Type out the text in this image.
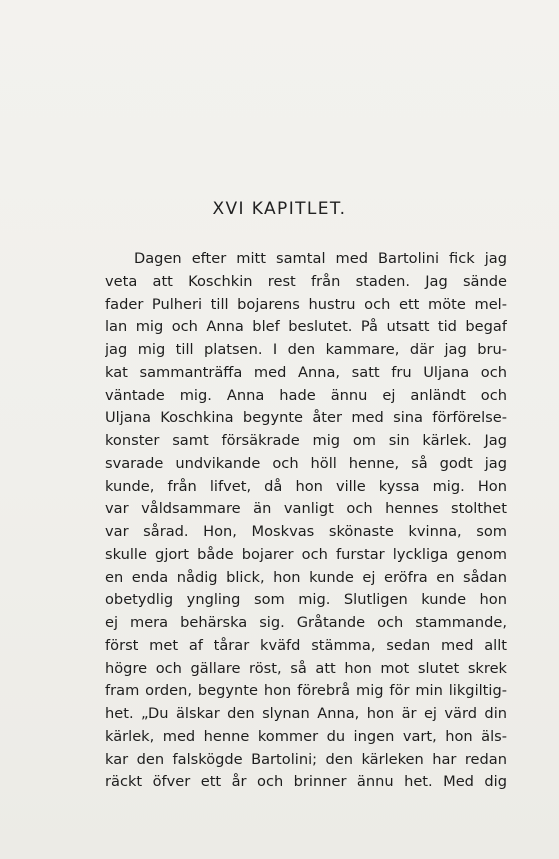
XVI KAPITLET.
Dagen efter mitt samtal med Bartolini fick jag
veta att Koschkin rest från staden. Jag sände
fader Pulheri till bojarens hustru och ett möte mel-
lan mig och Anna blef beslutet. På utsatt tid begaf
jag mig till platsen. I den kammare, där jag bru-
kat sammanträffa med Anna, satt fru Uljana och
väntade mig. Anna hade ännu ej anländt och
Uljana Koschkina begynte åter med sina förförelse-
konster samt försäkrade mig om sin kärlek. Jag
svarade undvikande och höll henne, så godt jag
kunde, från lifvet, då hon ville kyssa mig. Hon
var våldsammare än vanligt och hennes stolthet
var sårad. Hon, Moskvas skönaste kvinna, som
skulle gjort både bojarer och furstar lyckliga genom
en enda nådig blick, hon kunde ej eröfra en sådan
obetydlig yngling som mig. Slutligen kunde hon
ej mera behärska sig. Gråtande och stammande,
först met af tårar kväfd stämma, sedan med allt
högre och gällare röst, så att hon mot slutet skrek
fram orden, begynte hon förebrå mig för min likgiltig-
het. „Du älskar den slynan Anna, hon är ej värd din
kärlek, med henne kommer du ingen vart, hon äls-
kar den falskögde Bartolini; den kärleken har redan
räckt öfver ett år och brinner ännu het. Med dig
